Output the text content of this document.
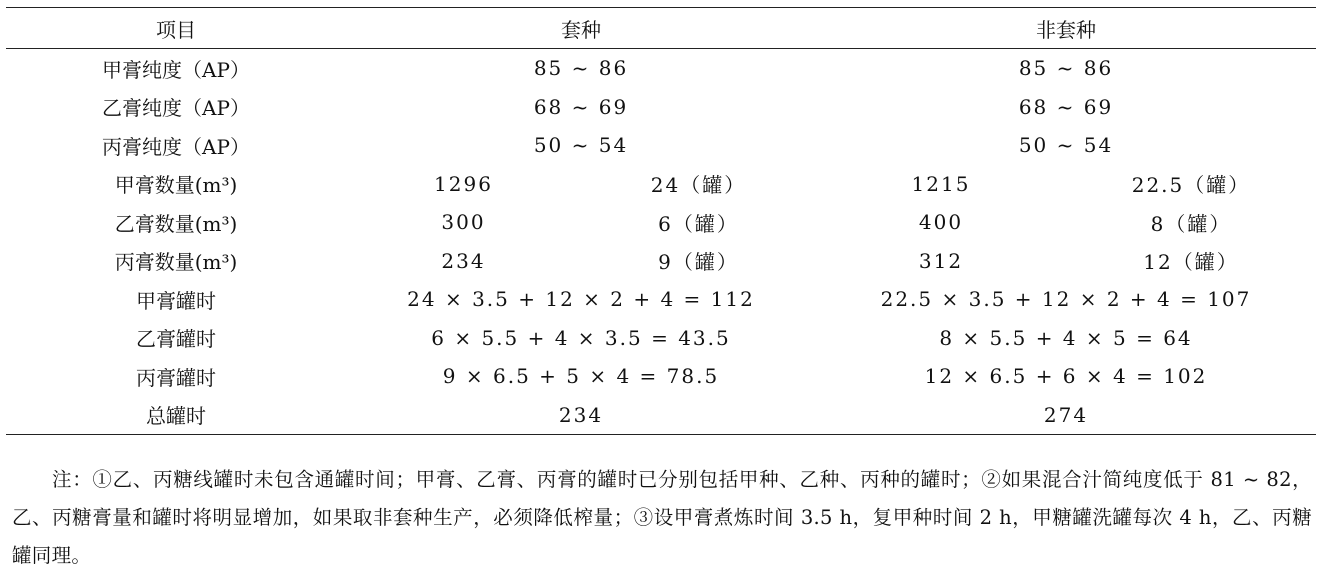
项目	套种		非套种	
甲膏纯度（AP）	85 ~ 86		85 ~ 86	
乙膏纯度（AP）	68 ~ 69		68 ~ 69	
丙膏纯度（AP）	50 ~ 54		50 ~ 54	
甲膏数量(m³)	1296	24（罐）	1215	22.5（罐）
乙膏数量(m³)	300	6（罐）	400	8（罐）
丙膏数量(m³)	234	9（罐）	312	12（罐）
甲膏罐时	24 × 3.5 + 12 × 2 + 4 = 112		22.5 × 3.5 + 12 × 2 + 4 = 107	
乙膏罐时	6 × 5.5 + 4 × 3.5 = 43.5		8 × 5.5 + 4 × 5 = 64	
丙膏罐时	9 × 6.5 + 5 × 4 = 78.5		12 × 6.5 + 6 × 4 = 102	
总罐时	234		274	

注：①乙、丙糖线罐时未包含通罐时间；甲膏、乙膏、丙膏的罐时已分别包括甲种、乙种、丙种的罐时；②如果混合汁简纯度低于 81 ~ 82，乙、丙糖膏量和罐时将明显增加，如果取非套种生产，必须降低榨量；③设甲膏煮炼时间 3.5 h，复甲种时间 2 h，甲糖罐洗罐每次 4 h，乙、丙糖罐同理。
